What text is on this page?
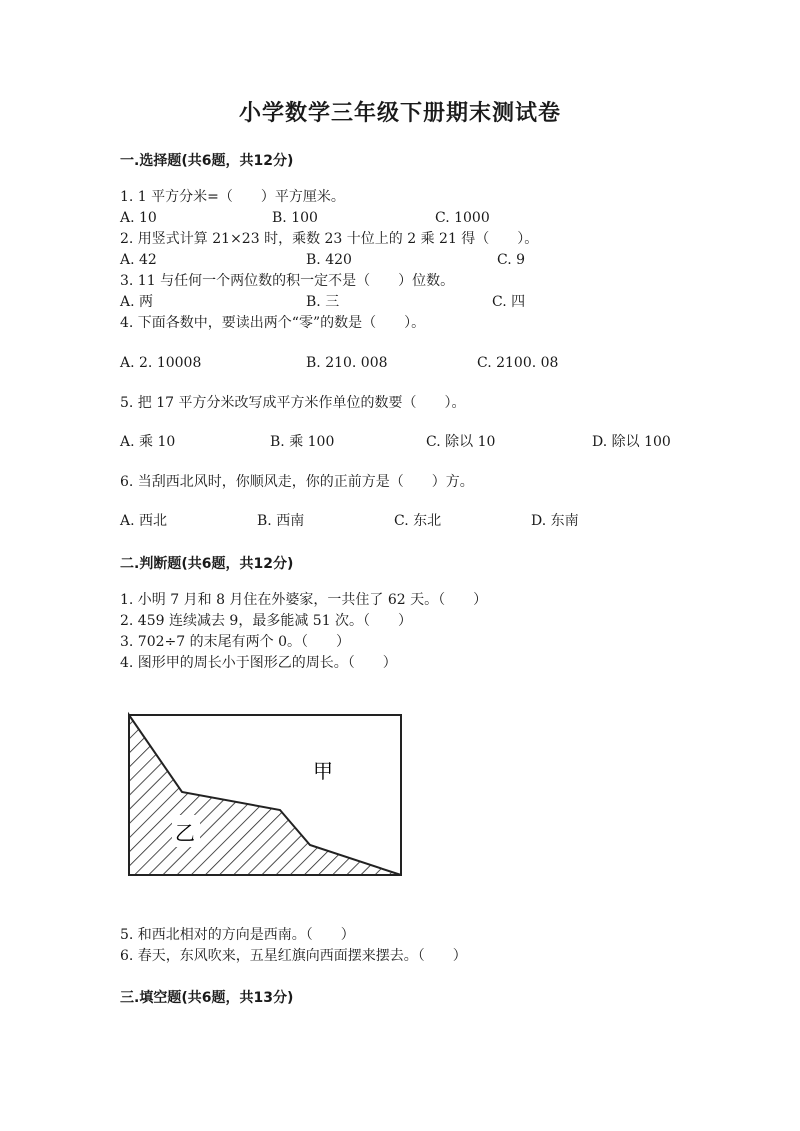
小学数学三年级下册期末测试卷
一.选择题(共6题，共12分)
1. 1 平方分米=（　　）平方厘米。
A. 10	B. 100	C. 1000
2. 用竖式计算 21×23 时，乘数 23 十位上的 2 乘 21 得（　　）。
A. 42	B. 420	C. 9
3. 11 与任何一个两位数的积一定不是（　　）位数。
A. 两	B. 三	C. 四
4. 下面各数中，要读出两个“零”的数是（　　）。
A. 2. 10008	B. 210. 008	C. 2100. 08
5. 把 17 平方分米改写成平方米作单位的数要（　　）。
A. 乘 10	B. 乘 100	C. 除以 10	D. 除以 100
6. 当刮西北风时，你顺风走，你的正前方是（　　）方。
A. 西北	B. 西南	C. 东北	D. 东南
二.判断题(共6题，共12分)
1. 小明 7 月和 8 月住在外婆家，一共住了 62 天。（　　）
2. 459 连续减去 9，最多能减 51 次。（　　）
3. 702÷7 的末尾有两个 0。（　　）
4. 图形甲的周长小于图形乙的周长。（　　）
甲
乙
5. 和西北相对的方向是西南。（　　）
6. 春天，东风吹来，五星红旗向西面摆来摆去。（　　）
三.填空题(共6题，共13分)
